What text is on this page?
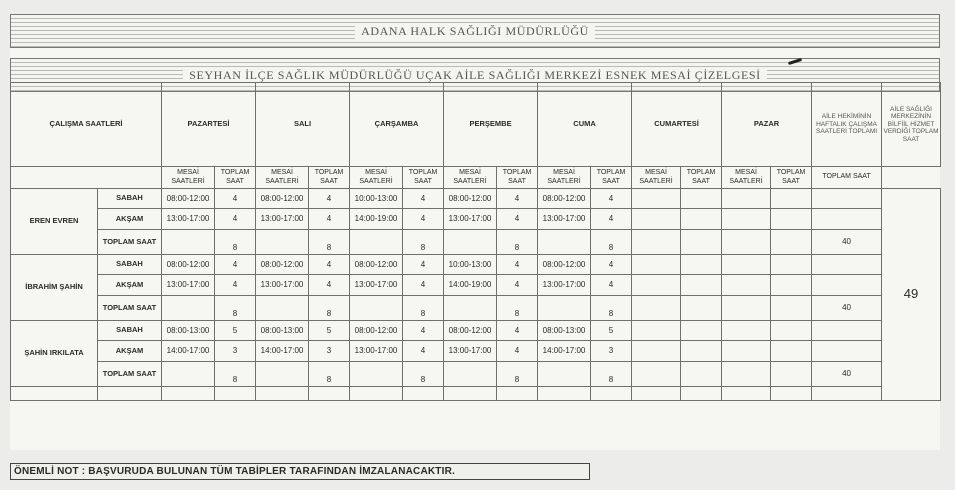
ADANA HALK SAĞLIĞI MÜDÜRLÜĞÜ
SEYHAN İLÇE SAĞLIK MÜDÜRLÜĞÜ UÇAK AİLE SAĞLIĞI MERKEZİ ESNEK MESAİ ÇİZELGESİ
ÇALIŞMA SAATLERİ		PAZARTESİ		SALI		ÇARŞAMBA		PERŞEMBE		CUMA		CUMARTESİ		PAZAR		AİLE HEKİMİNİN HAFTALIK ÇALIŞMA SAATLERİ TOPLAMI	AİLE SAĞLIĞI MERKEZİNİN BİLFİİL HİZMET VERDİĞİ TOPLAM SAAT
		MESAİ SAATLERİ	TOPLAM SAAT	MESAİ SAATLERİ	TOPLAM SAAT	MESAİ SAATLERİ	TOPLAM SAAT	MESAİ SAATLERİ	TOPLAM SAAT	MESAİ SAATLERİ	TOPLAM SAAT	MESAİ SAATLERİ	TOPLAM SAAT	MESAİ SAATLERİ	TOPLAM SAAT	TOPLAM SAAT	
EREN EVREN	SABAH	08:00-12:00	4	08:00-12:00	4	10:00-13:00	4	08:00-12:00	4	08:00-12:00	4						49
	AKŞAM	13:00-17:00	4	13:00-17:00	4	14:00-19:00	4	13:00-17:00	4	13:00-17:00	4						
	TOPLAM SAAT		8		8		8		8		8					40	
İBRAHİM ŞAHİN	SABAH	08:00-12:00	4	08:00-12:00	4	08:00-12:00	4	10:00-13:00	4	08:00-12:00	4						
	AKŞAM	13:00-17:00	4	13:00-17:00	4	13:00-17:00	4	14:00-19:00	4	13:00-17:00	4						
	TOPLAM SAAT		8		8		8		8		8					40	
ŞAHİN IRKILATA	SABAH	08:00-13:00	5	08:00-13:00	5	08:00-12:00	4	08:00-12:00	4	08:00-13:00	5						
	AKŞAM	14:00-17:00	3	14:00-17:00	3	13:00-17:00	4	13:00-17:00	4	14:00-17:00	3						
	TOPLAM SAAT		8		8		8		8		8					40	

ÖNEMLİ NOT : BAŞVURUDA BULUNAN TÜM TABİPLER TARAFINDAN İMZALANACAKTIR.
